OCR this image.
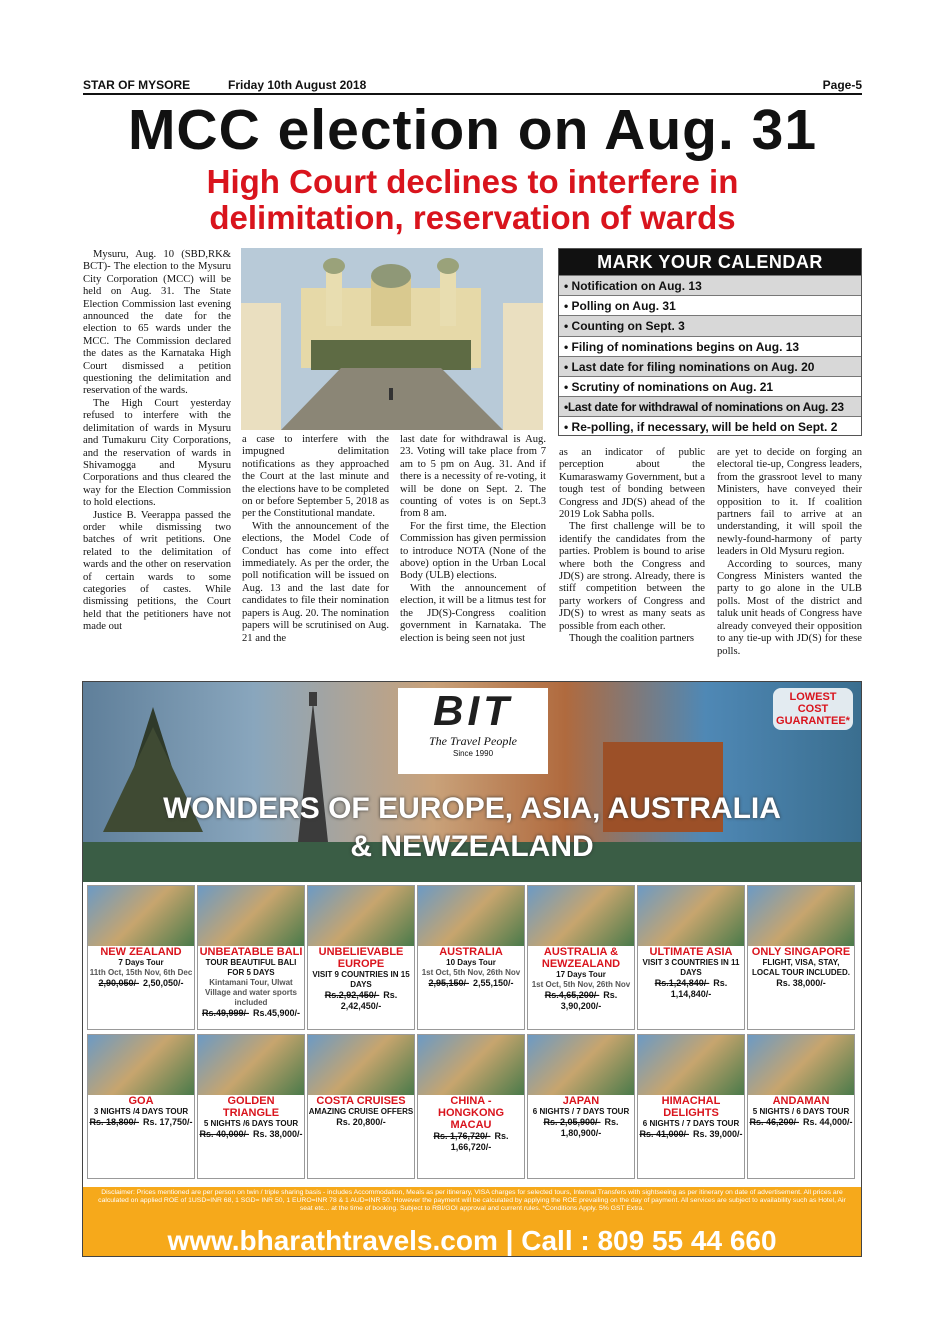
STAR OF MYSORE	Friday 10th August 2018	Page-5
MCC election on Aug. 31
High Court declines to interfere in
delimitation, reservation of wards

Mysuru, Aug. 10 (SBD,RK& BCT)- The election to the Mysuru City Corporation (MCC) will be held on Aug. 31. The State Election Commission last evening announced the date for the election to 65 wards under the MCC. The Commission declared the dates as the Karnataka High Court dismissed a petition questioning the delimitation and reservation of the wards.

The High Court yesterday refused to interfere with the delimitation of wards in Mysuru and Tumakuru City Corporations, and the reservation of wards in Shivamogga and Mysuru Corporations and thus cleared the way for the Election Commission to hold elections.

Justice B. Veerappa passed the order while dismissing two batches of writ petitions. One related to the delimitation of wards and the other on reservation of certain wards to some categories of castes. While dismissing petitions, the Court held that the petitioners have not made out

a case to interfere with the impugned delimitation notifications as they approached the Court at the last minute and the elections have to be completed on or before September 5, 2018 as per the Constitutional mandate.

With the announcement of the elections, the Model Code of Conduct has come into effect immediately. As per the order, the poll notification will be issued on Aug. 13 and the last date for candidates to file their nomination papers is Aug. 20. The nomination papers will be scrutinised on Aug. 21 and the

last date for withdrawal is Aug. 23. Voting will take place from 7 am to 5 pm on Aug. 31. And if there is a necessity of re-voting, it will be done on Sept. 2. The counting of votes is on Sept.3 from 8 am.

For the first time, the Election Commission has given permission to introduce NOTA (None of the above) option in the Urban Local Body (ULB) elections.

With the announcement of election, it will be a litmus test for the JD(S)-Congress coalition government in Karnataka. The election is being seen not just

as an indicator of public perception about the Kumaraswamy Government, but a tough test of bonding between Congress and JD(S) ahead of the 2019 Lok Sabha polls.

The first challenge will be to identify the candidates from the parties. Problem is bound to arise where both the Congress and JD(S) are strong. Already, there is stiff competition between the party workers of Congress and JD(S) to wrest as many seats as possible from each other.

Though the coalition partners

are yet to decide on forging an electoral tie-up, Congress leaders, from the grassroot level to many Ministers, have conveyed their opposition to it. If coalition partners fail to arrive at an understanding, it will spoil the newly-found-harmony of party leaders in Old Mysuru region.

According to sources, many Congress Ministers wanted the party to go alone in the ULB polls. Most of the district and taluk unit heads of Congress have already conveyed their opposition to any tie-up with JD(S) for these polls.

MARK YOUR CALENDAR
• Notification on Aug. 13
• Polling on Aug. 31
• Counting on Sept. 3
• Filing of nominations begins on Aug. 13
• Last date for filing nominations on Aug. 20
• Scrutiny of nominations on Aug. 21
•Last date for withdrawal of nominations on Aug. 23
• Re-polling, if necessary, will be held on Sept. 2
BIT
The Travel People
Since 1990
LOWEST COST GUARANTEE*
WONDERS OF EUROPE, ASIA, AUSTRALIA
& NEWZEALAND
NEW ZEALAND
7 Days Tour
11th Oct, 15th Nov, 6th Dec
2,90,050/- 2,50,050/-
UNBEATABLE BALI
TOUR BEAUTIFUL BALI FOR 5 DAYS
Kintamani Tour, Ulwat Village and water sports included
Rs.49,999/- Rs.45,900/-
UNBELIEVABLE EUROPE
VISIT 9 COUNTRIES IN 15 DAYS
Rs.2,92,450/- Rs. 2,42,450/-
AUSTRALIA
10 Days Tour
1st Oct, 5th Nov, 26th Nov
2,95,150/- 2,55,150/-
AUSTRALIA & NEWZEALAND
17 Days Tour
1st Oct, 5th Nov, 26th Nov
Rs.4,65,200/- Rs. 3,90,200/-
ULTIMATE ASIA
VISIT 3 COUNTRIES IN 11 DAYS
Rs.1,24,840/- Rs. 1,14,840/-
ONLY SINGAPORE
FLIGHT, VISA, STAY, LOCAL TOUR INCLUDED.
Rs. 38,000/-
GOA
3 NIGHTS /4 DAYS TOUR
Rs. 18,800/- Rs. 17,750/-
GOLDEN TRIANGLE
5 NIGHTS /6 DAYS TOUR
Rs. 40,000/- Rs. 38,000/-
COSTA CRUISES
AMAZING CRUISE OFFERS
Rs. 20,800/-
CHINA -HONGKONG MACAU
Rs. 1,76,720/- Rs. 1,66,720/-
JAPAN
6 NIGHTS / 7 DAYS TOUR
Rs. 2,05,900/- Rs. 1,80,900/-
HIMACHAL DELIGHTS
6 NIGHTS / 7 DAYS TOUR
Rs. 41,000/- Rs. 39,000/-
ANDAMAN
5 NIGHTS / 6 DAYS TOUR
Rs. 46,200/- Rs. 44,000/-
Disclaimer: Prices mentioned are per person on twin / triple sharing basis - includes Accommodation, Meals as per itinerary, VISA charges for selected tours, Internal Transfers with sightseeing as per itinerary on date of advertisement. All prices are calculated on applied ROE of 1USD=INR 68, 1 SGD= INR 50, 1 EURO=INR 78 & 1 AUD=INR 50. However the payment will be calculated by applying the ROE prevailing on the day of payment. All services are subject to availability such as Hotel, Air seat etc... at the time of booking. Subject to RBI/GOI approval and current rules. *Conditions Apply. 5% GST Extra.
www.bharathtravels.com | Call : 809 55 44 660
